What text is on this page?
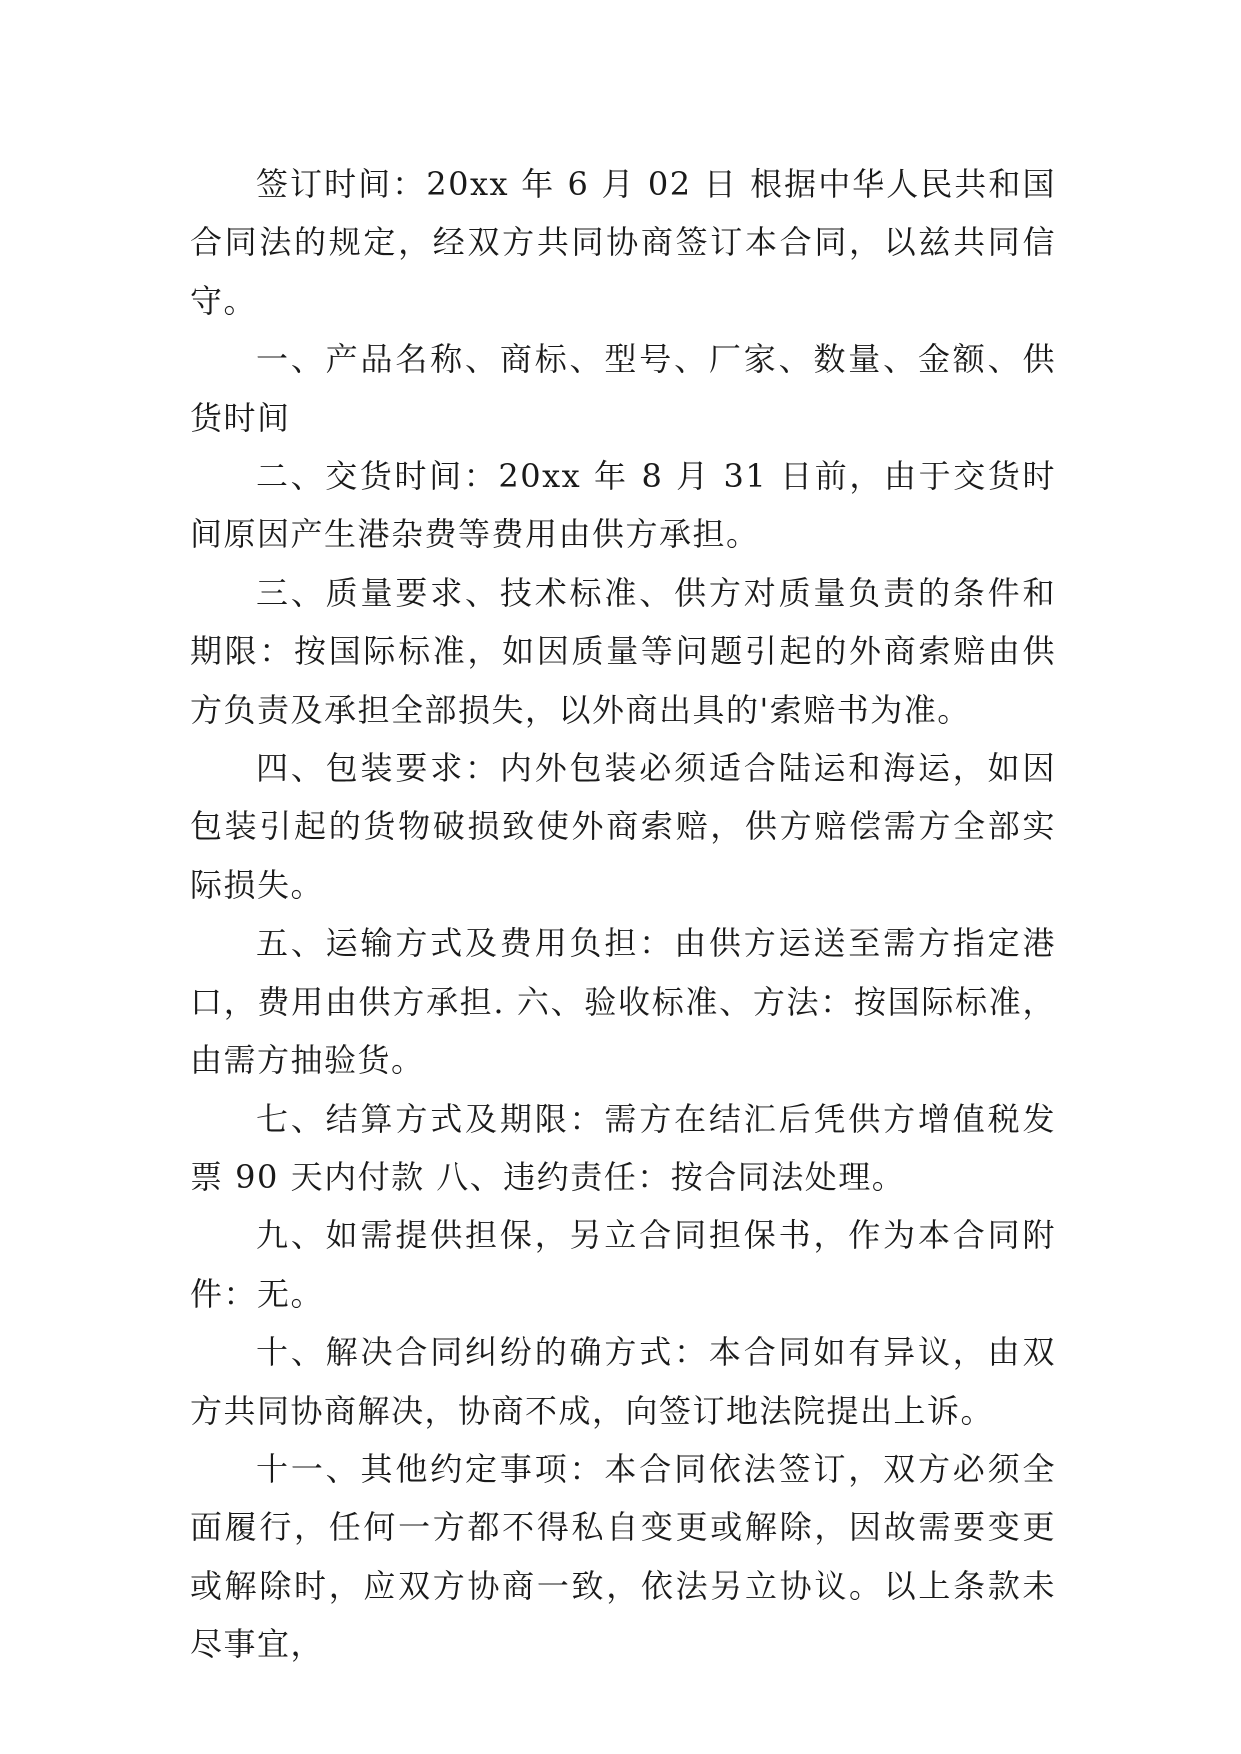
签订时间：20xx 年 6 月 02 日 根据中华人民共和国合同法的规定，经双方共同协商签订本合同，以兹共同信守。

一、产品名称、商标、型号、厂家、数量、金额、供货时间

二、交货时间：20xx 年 8 月 31 日前，由于交货时间原因产生港杂费等费用由供方承担。

三、质量要求、技术标准、供方对质量负责的条件和期限：按国际标准，如因质量等问题引起的外商索赔由供方负责及承担全部损失，以外商出具的'索赔书为准。

四、包装要求：内外包装必须适合陆运和海运，如因包装引起的货物破损致使外商索赔，供方赔偿需方全部实际损失。

五、运输方式及费用负担：由供方运送至需方指定港口，费用由供方承担. 六、验收标准、方法：按国际标准，由需方抽验货。

七、结算方式及期限：需方在结汇后凭供方增值税发票 90 天内付款 八、违约责任：按合同法处理。

九、如需提供担保，另立合同担保书，作为本合同附件：无。

十、解决合同纠纷的确方式：本合同如有异议，由双方共同协商解决，协商不成，向签订地法院提出上诉。

十一、其他约定事项：本合同依法签订，双方必须全面履行，任何一方都不得私自变更或解除，因故需要变更或解除时，应双方协商一致，依法另立协议。以上条款未尽事宜，
